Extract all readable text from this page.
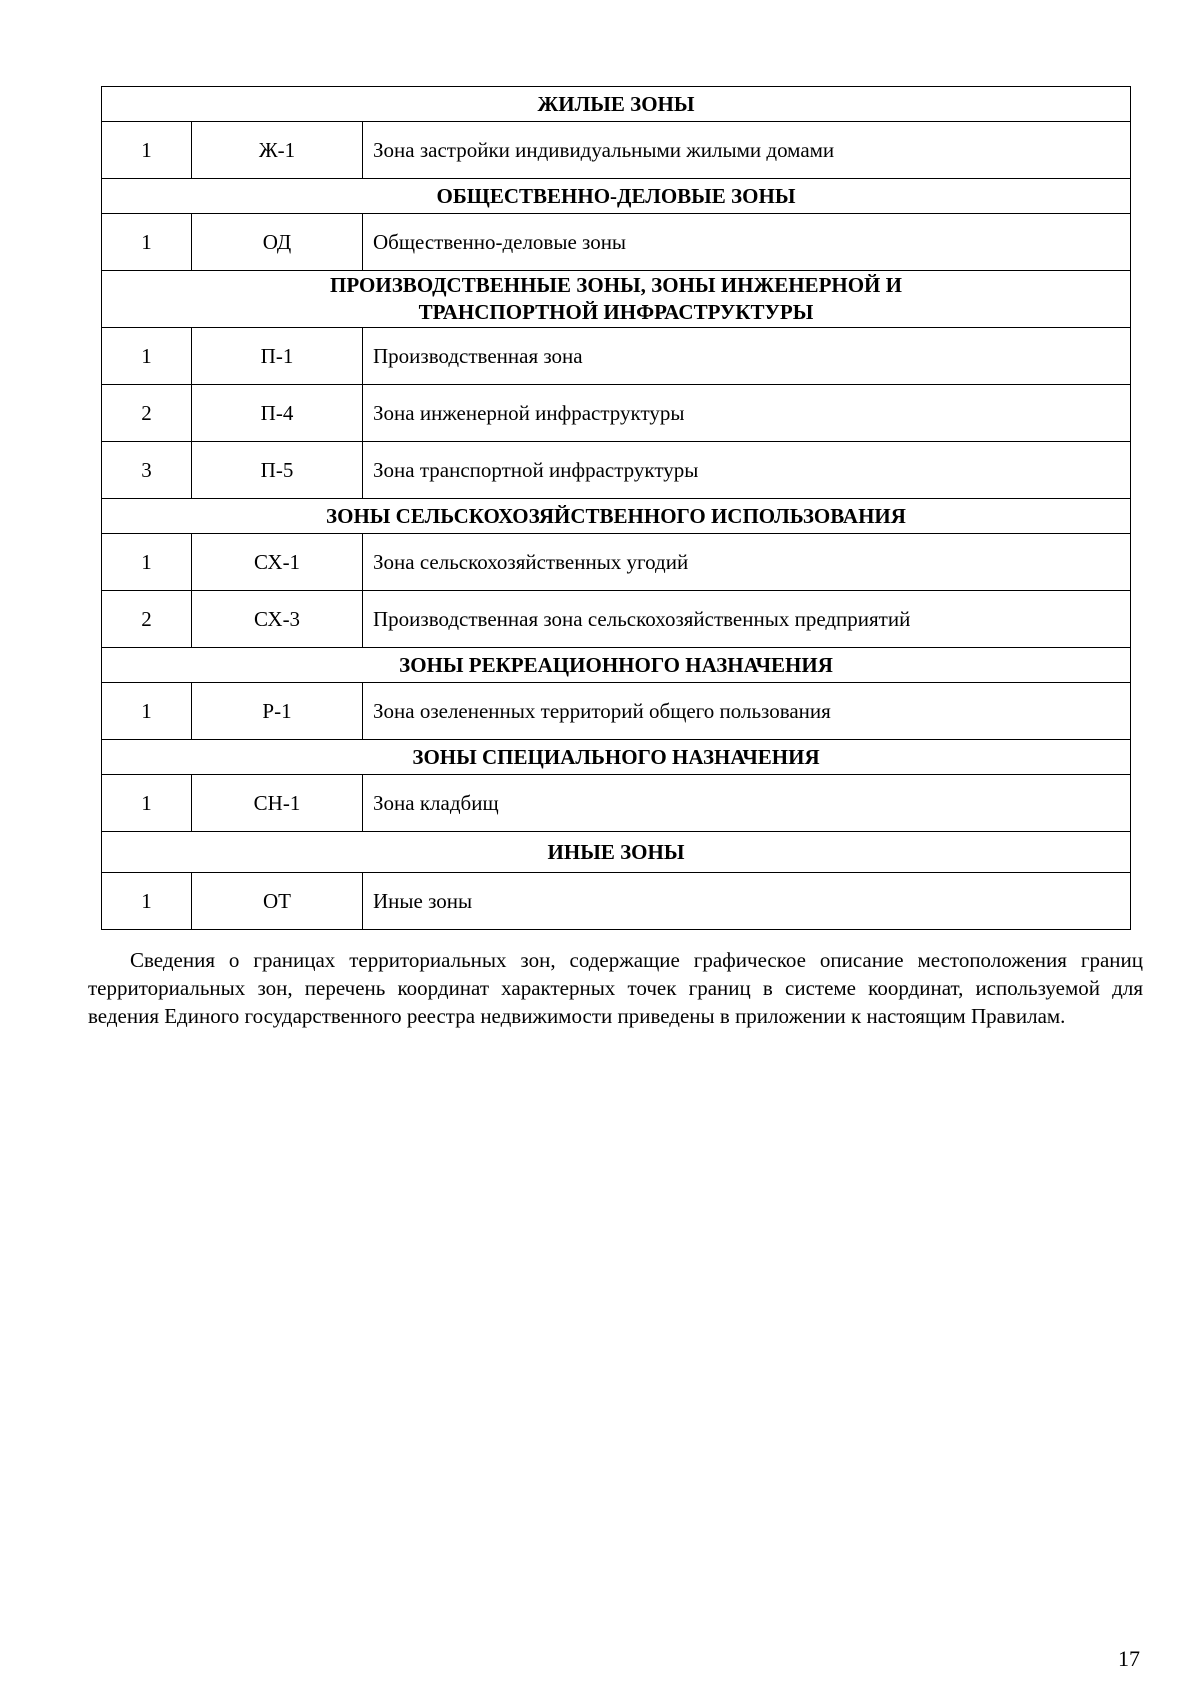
ЖИЛЫЕ ЗОНЫ		
1	Ж-1	Зона застройки индивидуальными жилыми домами
ОБЩЕСТВЕННО-ДЕЛОВЫЕ ЗОНЫ		
1	ОД	Общественно-деловые зоны
ПРОИЗВОДСТВЕННЫЕ ЗОНЫ, ЗОНЫ ИНЖЕНЕРНОЙ И ТРАНСПОРТНОЙ ИНФРАСТРУКТУРЫ		
1	П-1	Производственная зона
2	П-4	Зона инженерной инфраструктуры
3	П-5	Зона транспортной инфраструктуры
ЗОНЫ СЕЛЬСКОХОЗЯЙСТВЕННОГО ИСПОЛЬЗОВАНИЯ		
1	СХ-1	Зона сельскохозяйственных угодий
2	СХ-3	Производственная зона сельскохозяйственных предприятий
ЗОНЫ РЕКРЕАЦИОННОГО НАЗНАЧЕНИЯ		
1	Р-1	Зона озелененных территорий общего пользования
ЗОНЫ СПЕЦИАЛЬНОГО НАЗНАЧЕНИЯ		
1	СН-1	Зона кладбищ
ИНЫЕ ЗОНЫ		
1	ОТ	Иные зоны

Сведения о границах территориальных зон, содержащие графическое описание местоположения границ территориальных зон, перечень координат характерных точек границ в системе координат, используемой для ведения Единого государственного реестра недвижимости приведены в приложении к настоящим Правилам.

17
